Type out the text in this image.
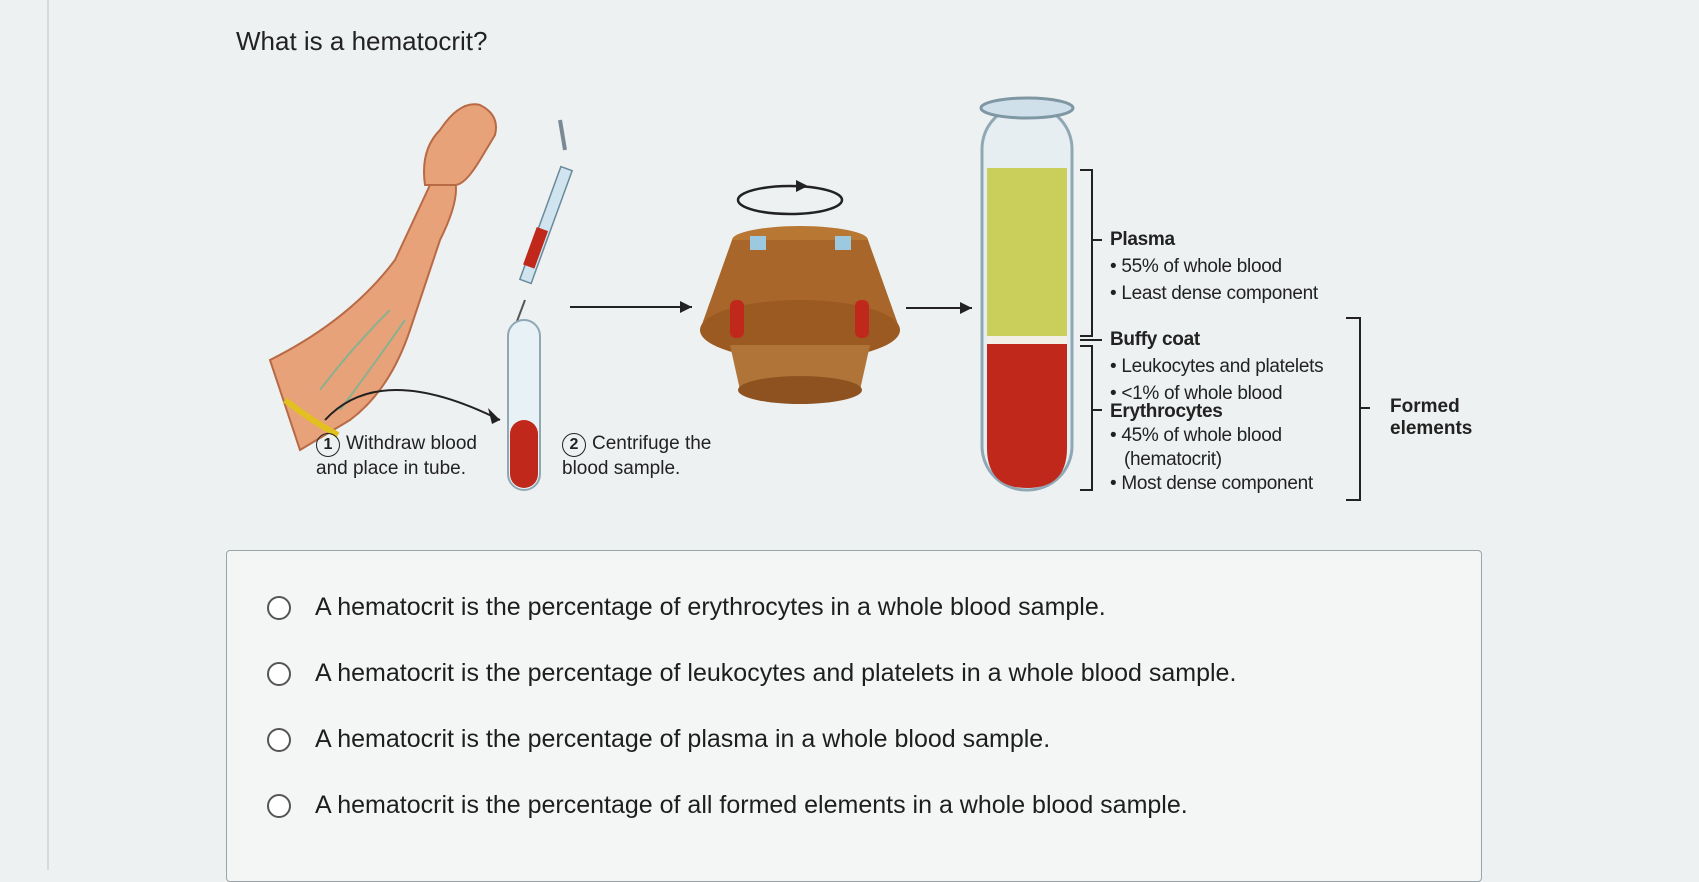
What is a hematocrit?
1 Withdraw blood
and place in tube.
2 Centrifuge the
blood sample.
Plasma
• 55% of whole blood
• Least dense component
Buffy coat
• Leukocytes and platelets
• <1% of whole blood
Erythrocytes
• 45% of whole blood
(hematocrit)
• Most dense component
Formed
elements
A hematocrit is the percentage of erythrocytes in a whole blood sample.
A hematocrit is the percentage of leukocytes and platelets in a whole blood sample.
A hematocrit is the percentage of plasma in a whole blood sample.
A hematocrit is the percentage of all formed elements in a whole blood sample.
